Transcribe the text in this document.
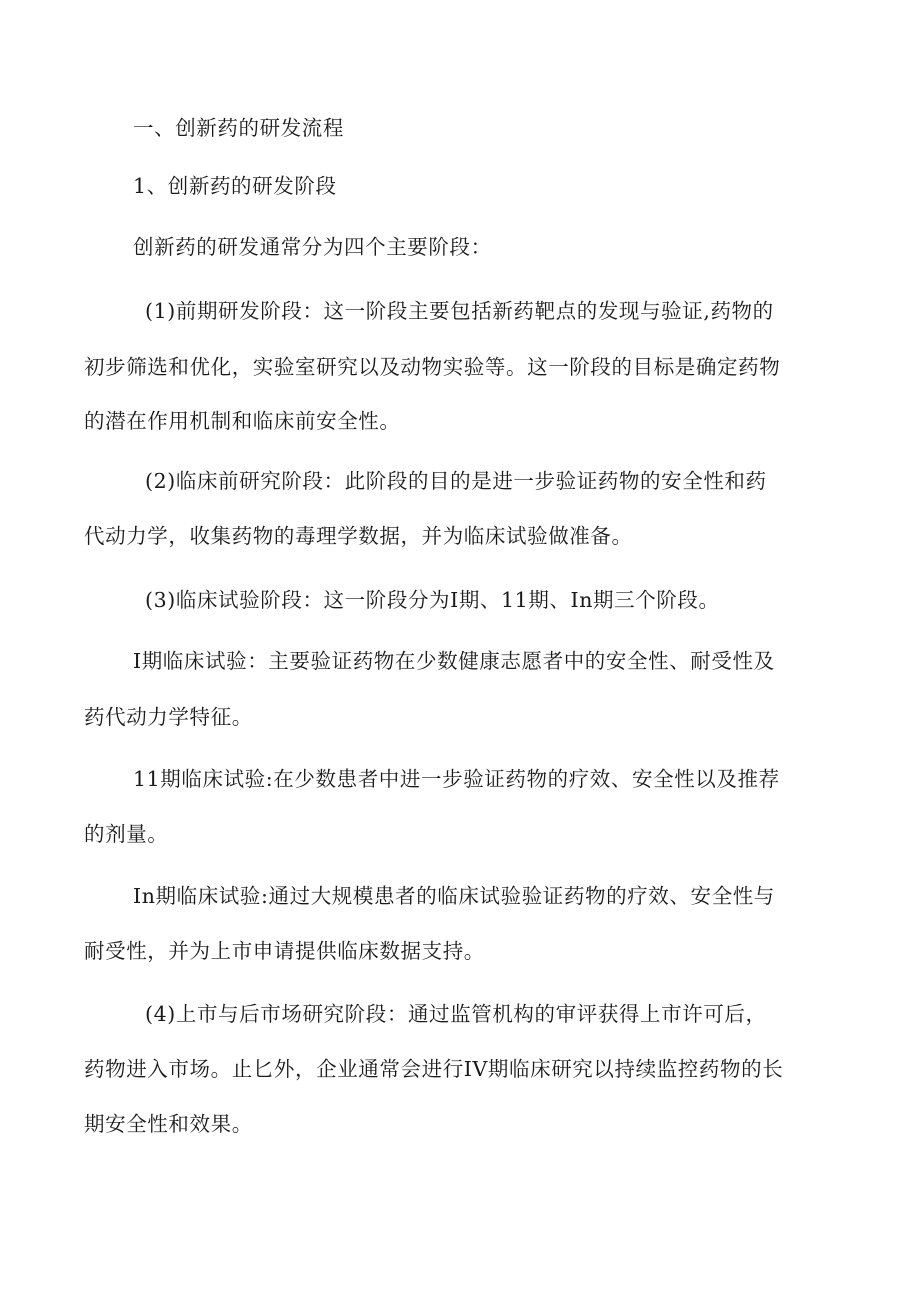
一、创新药的研发流程
1、创新药的研发阶段
创新药的研发通常分为四个主要阶段：
(1)前期研发阶段：这一阶段主要包括新药靶点的发现与验证,药物的
初步筛选和优化，实验室研究以及动物实验等。这一阶段的目标是确定药物
的潜在作用机制和临床前安全性。
(2)临床前研究阶段：此阶段的目的是进一步验证药物的安全性和药
代动力学，收集药物的毒理学数据，并为临床试验做准备。
(3)临床试验阶段：这一阶段分为I期、11期、In期三个阶段。
I期临床试验：主要验证药物在少数健康志愿者中的安全性、耐受性及
药代动力学特征。
11期临床试验:在少数患者中进一步验证药物的疗效、安全性以及推荐
的剂量。
In期临床试验:通过大规模患者的临床试验验证药物的疗效、安全性与
耐受性，并为上市申请提供临床数据支持。
(4)上市与后市场研究阶段：通过监管机构的审评获得上市许可后，
药物进入市场。止匕外，企业通常会进行IV期临床研究以持续监控药物的长
期安全性和效果。
